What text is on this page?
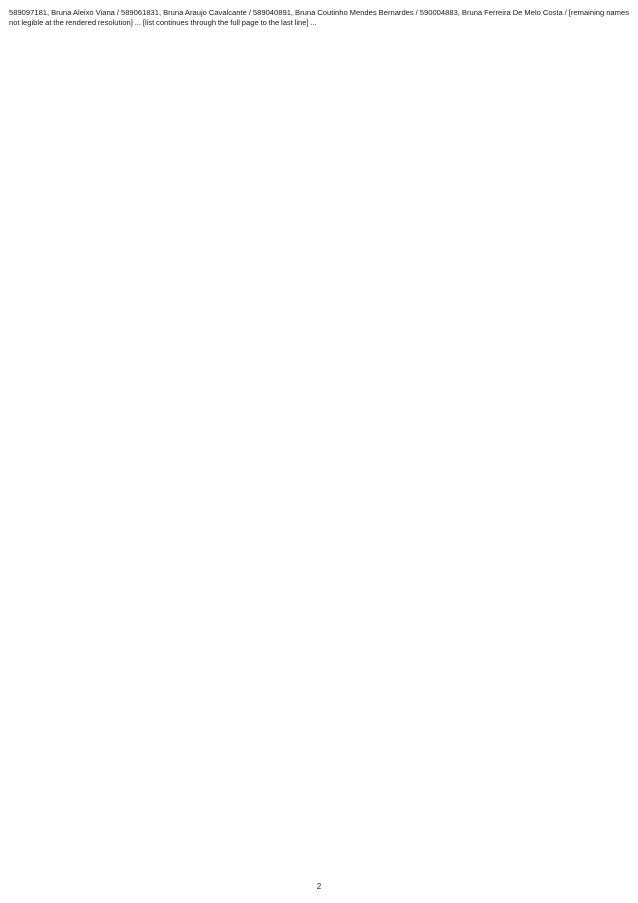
589097181, Bruna Aleixo Viana / 589061831, Bruna Araujo Cavalcante / 589040891, Bruna Coutinho Mendes Bernardes / 590004883, Bruna Ferreira De Melo Costa / [remaining names not legible at the rendered resolution] ... [list continues through the full page to the last line] ...

2
